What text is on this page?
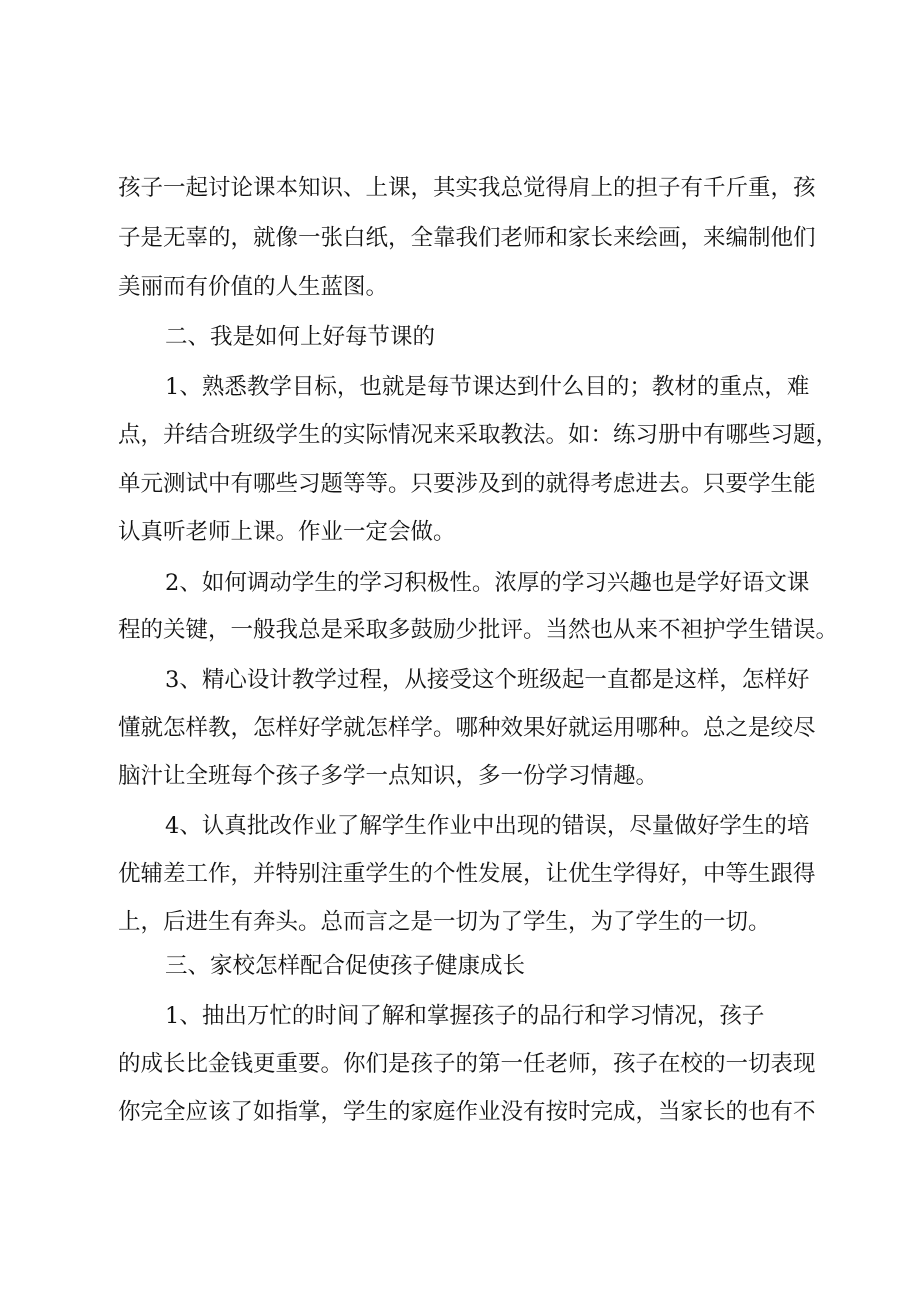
孩子一起讨论课本知识、上课，其实我总觉得肩上的担子有千斤重，孩
子是无辜的，就像一张白纸，全靠我们老师和家长来绘画，来编制他们
美丽而有价值的人生蓝图。
二、我是如何上好每节课的
1、熟悉教学目标，也就是每节课达到什么目的；教材的重点，难
点，并结合班级学生的实际情况来采取教法。如：练习册中有哪些习题，
单元测试中有哪些习题等等。只要涉及到的就得考虑进去。只要学生能
认真听老师上课。作业一定会做。
2、如何调动学生的学习积极性。浓厚的学习兴趣也是学好语文课
程的关键，一般我总是采取多鼓励少批评。当然也从来不袒护学生错误。
3、精心设计教学过程，从接受这个班级起一直都是这样，怎样好
懂就怎样教，怎样好学就怎样学。哪种效果好就运用哪种。总之是绞尽
脑汁让全班每个孩子多学一点知识，多一份学习情趣。
4、认真批改作业了解学生作业中出现的错误，尽量做好学生的培
优辅差工作，并特别注重学生的个性发展，让优生学得好，中等生跟得
上，后进生有奔头。总而言之是一切为了学生，为了学生的一切。
三、家校怎样配合促使孩子健康成长
1、抽出万忙的时间了解和掌握孩子的品行和学习情况，孩子
的成长比金钱更重要。你们是孩子的第一任老师，孩子在校的一切表现
你完全应该了如指掌，学生的家庭作业没有按时完成，当家长的也有不
